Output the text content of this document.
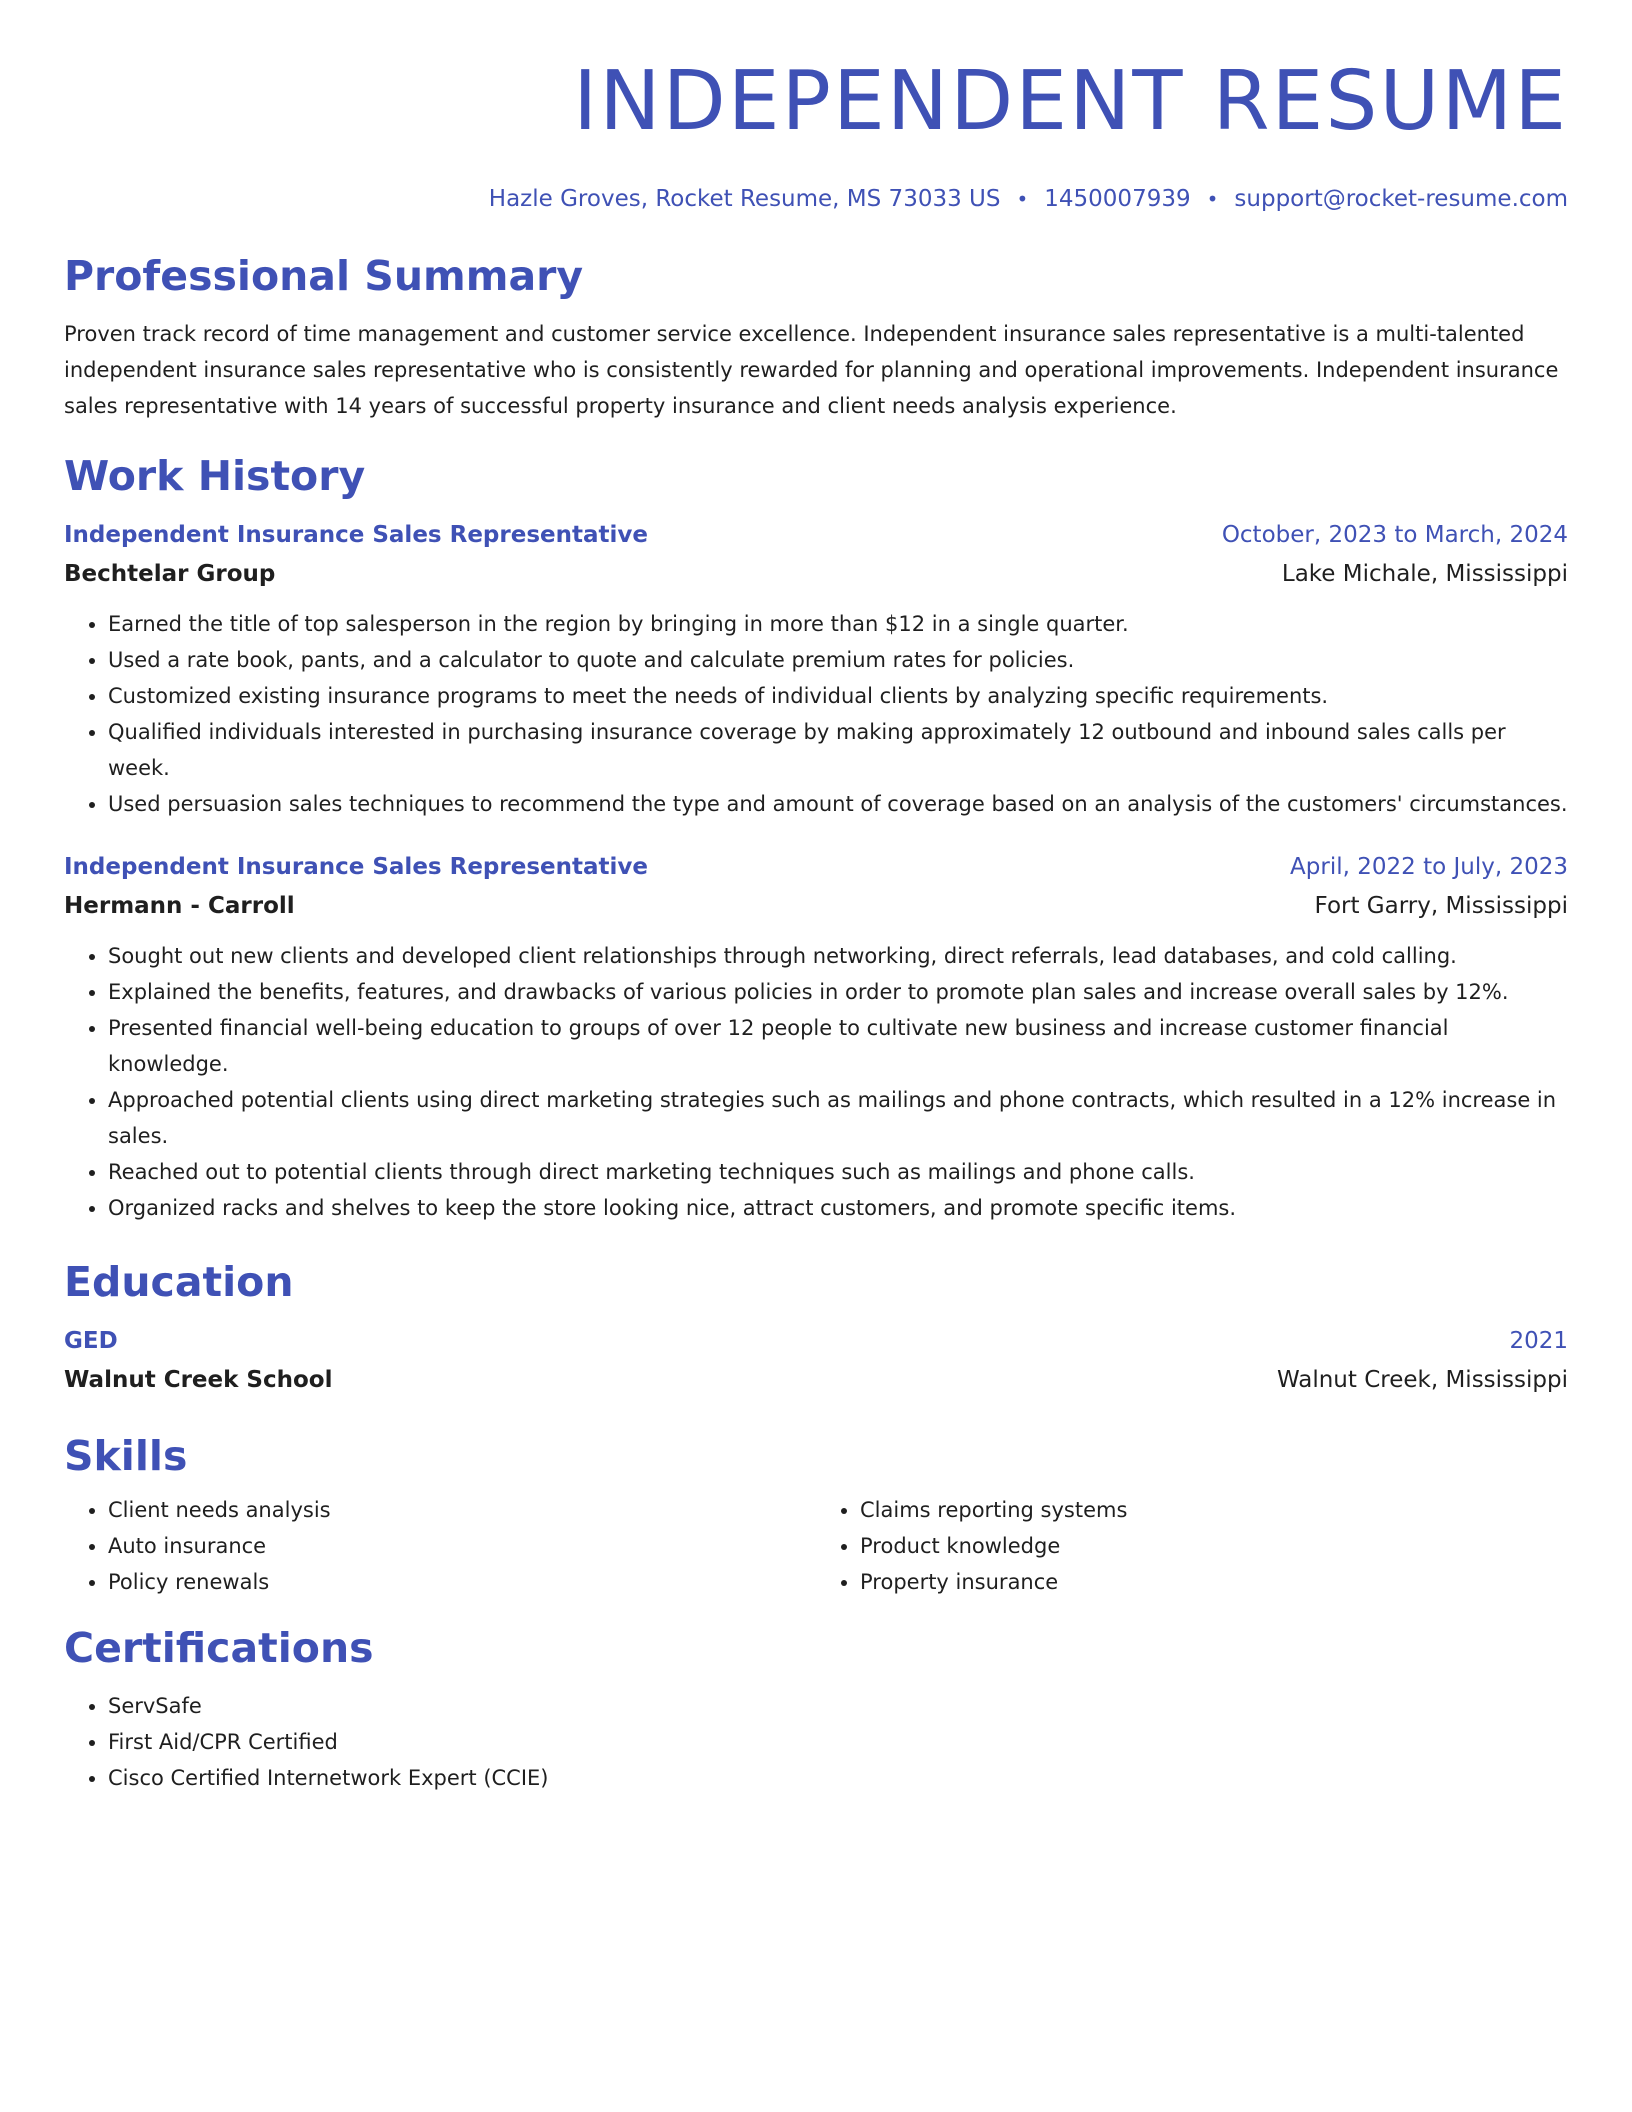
INDEPENDENT RESUME
Hazle Groves, Rocket Resume, MS 73033 US • 1450007939 • support@rocket-resume.com
Professional Summary
Proven track record of time management and customer service excellence. Independent insurance sales representative is a multi-talented independent insurance sales representative who is consistently rewarded for planning and operational improvements. Independent insurance sales representative with 14 years of successful property insurance and client needs analysis experience.
Work History
Independent Insurance Sales Representative	October, 2023 to March, 2024
Bechtelar Group	Lake Michale, Mississippi
• Earned the title of top salesperson in the region by bringing in more than $12 in a single quarter.
• Used a rate book, pants, and a calculator to quote and calculate premium rates for policies.
• Customized existing insurance programs to meet the needs of individual clients by analyzing specific requirements.
• Qualified individuals interested in purchasing insurance coverage by making approximately 12 outbound and inbound sales calls per week.
• Used persuasion sales techniques to recommend the type and amount of coverage based on an analysis of the customers' circumstances.
Independent Insurance Sales Representative	April, 2022 to July, 2023
Hermann - Carroll	Fort Garry, Mississippi
• Sought out new clients and developed client relationships through networking, direct referrals, lead databases, and cold calling.
• Explained the benefits, features, and drawbacks of various policies in order to promote plan sales and increase overall sales by 12%.
• Presented financial well-being education to groups of over 12 people to cultivate new business and increase customer financial knowledge.
• Approached potential clients using direct marketing strategies such as mailings and phone contracts, which resulted in a 12% increase in sales.
• Reached out to potential clients through direct marketing techniques such as mailings and phone calls.
• Organized racks and shelves to keep the store looking nice, attract customers, and promote specific items.
Education
GED	2021
Walnut Creek School	Walnut Creek, Mississippi
Skills
• Client needs analysis
• Auto insurance
• Policy renewals
• Claims reporting systems
• Product knowledge
• Property insurance
Certifications
• ServSafe
• First Aid/CPR Certified
• Cisco Certified Internetwork Expert (CCIE)
